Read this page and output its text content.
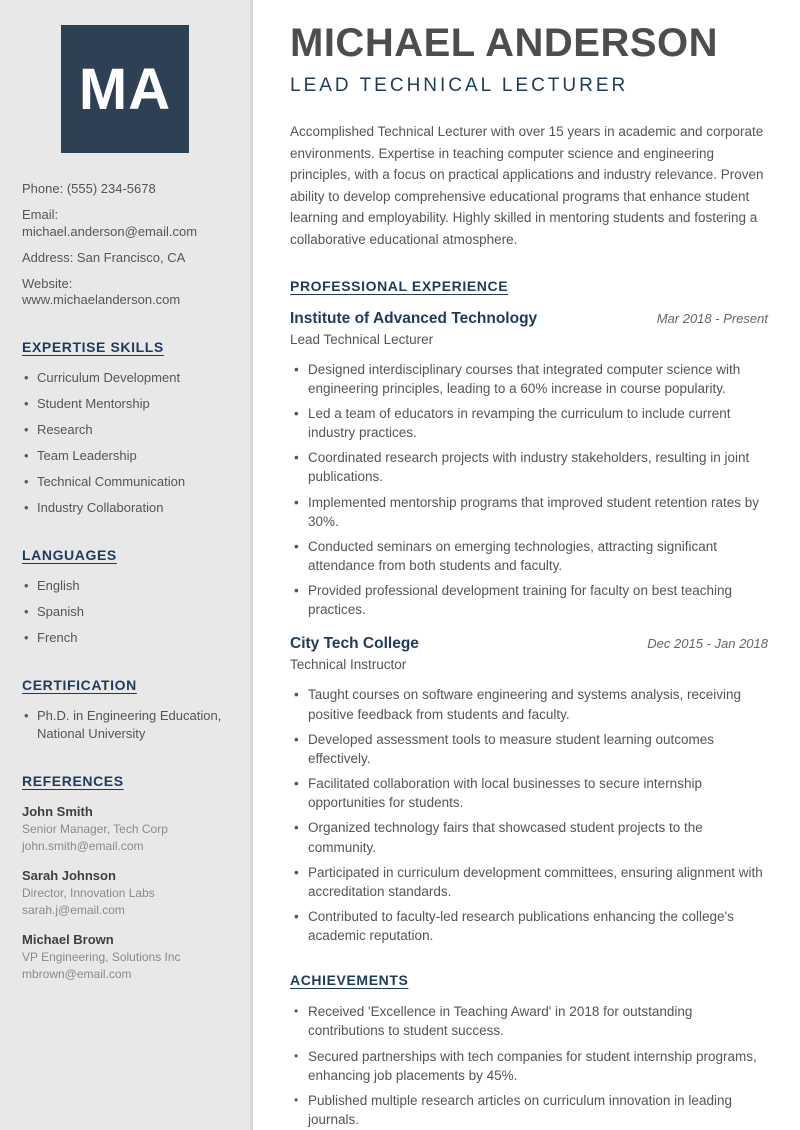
MA
Phone: (555) 234-5678
Email: michael.anderson@email.com
Address: San Francisco, CA
Website: www.michaelanderson.com
EXPERTISE SKILLS
• Curriculum Development
• Student Mentorship
• Research
• Team Leadership
• Technical Communication
• Industry Collaboration
LANGUAGES
• English
• Spanish
• French
CERTIFICATION
• Ph.D. in Engineering Education, National University
REFERENCES
John Smith
Senior Manager, Tech Corp
john.smith@email.com
Sarah Johnson
Director, Innovation Labs
sarah.j@email.com
Michael Brown
VP Engineering, Solutions Inc
mbrown@email.com
MICHAEL ANDERSON
LEAD TECHNICAL LECTURER

Accomplished Technical Lecturer with over 15 years in academic and corporate environments. Expertise in teaching computer science and engineering principles, with a focus on practical applications and industry relevance. Proven ability to develop comprehensive educational programs that enhance student learning and employability. Highly skilled in mentoring students and fostering a collaborative educational atmosphere.

PROFESSIONAL EXPERIENCE
Institute of Advanced Technology	Mar 2018 - Present
Lead Technical Lecturer
• Designed interdisciplinary courses that integrated computer science with engineering principles, leading to a 60% increase in course popularity.
• Led a team of educators in revamping the curriculum to include current industry practices.
• Coordinated research projects with industry stakeholders, resulting in joint publications.
• Implemented mentorship programs that improved student retention rates by 30%.
• Conducted seminars on emerging technologies, attracting significant attendance from both students and faculty.
• Provided professional development training for faculty on best teaching practices.
City Tech College	Dec 2015 - Jan 2018
Technical Instructor
• Taught courses on software engineering and systems analysis, receiving positive feedback from students and faculty.
• Developed assessment tools to measure student learning outcomes effectively.
• Facilitated collaboration with local businesses to secure internship opportunities for students.
• Organized technology fairs that showcased student projects to the community.
• Participated in curriculum development committees, ensuring alignment with accreditation standards.
• Contributed to faculty-led research publications enhancing the college's academic reputation.
ACHIEVEMENTS
• Received 'Excellence in Teaching Award' in 2018 for outstanding contributions to student success.
• Secured partnerships with tech companies for student internship programs, enhancing job placements by 45%.
• Published multiple research articles on curriculum innovation in leading journals.
